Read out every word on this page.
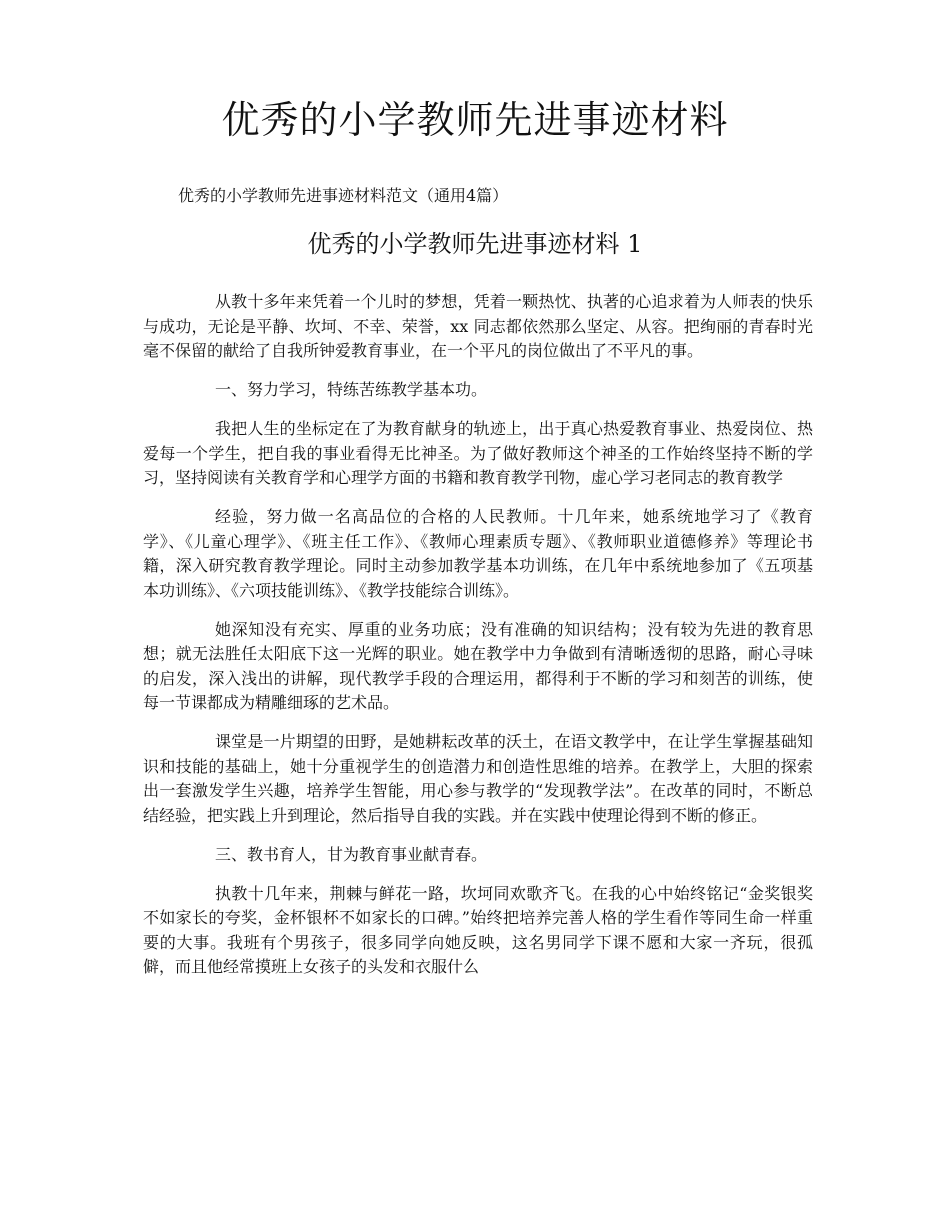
优秀的小学教师先进事迹材料

优秀的小学教师先进事迹材料范文（通用4篇）

优秀的小学教师先进事迹材料 1

从教十多年来凭着一个儿时的梦想，凭着一颗热忱、执著的心追求着为人师表的快乐与成功，无论是平静、坎坷、不幸、荣誉，xx 同志都依然那么坚定、从容。把绚丽的青春时光毫不保留的献给了自我所钟爱教育事业，在一个平凡的岗位做出了不平凡的事。

一、努力学习，特练苦练教学基本功。

我把人生的坐标定在了为教育献身的轨迹上，出于真心热爱教育事业、热爱岗位、热爱每一个学生，把自我的事业看得无比神圣。为了做好教师这个神圣的工作始终坚持不断的学习，坚持阅读有关教育学和心理学方面的书籍和教育教学刊物，虚心学习老同志的教育教学

经验，努力做一名高品位的合格的人民教师。十几年来，她系统地学习了《教育学》、《儿童心理学》、《班主任工作》、《教师心理素质专题》、《教师职业道德修养》等理论书籍，深入研究教育教学理论。同时主动参加教学基本功训练，在几年中系统地参加了《五项基本功训练》、《六项技能训练》、《教学技能综合训练》。

她深知没有充实、厚重的业务功底；没有准确的知识结构；没有较为先进的教育思想；就无法胜任太阳底下这一光辉的职业。她在教学中力争做到有清晰透彻的思路，耐心寻味的启发，深入浅出的讲解，现代教学手段的合理运用，都得利于不断的学习和刻苦的训练，使每一节课都成为精雕细琢的艺术品。

课堂是一片期望的田野，是她耕耘改革的沃土，在语文教学中，在让学生掌握基础知识和技能的基础上，她十分重视学生的创造潜力和创造性思维的培养。在教学上，大胆的探索出一套激发学生兴趣，培养学生智能，用心参与教学的“发现教学法”。在改革的同时，不断总结经验，把实践上升到理论，然后指导自我的实践。并在实践中使理论得到不断的修正。

三、教书育人，甘为教育事业献青春。

执教十几年来，荆棘与鲜花一路，坎坷同欢歌齐飞。在我的心中始终铭记“金奖银奖不如家长的夸奖，金杯银杯不如家长的口碑。”始终把培养完善人格的学生看作等同生命一样重要的大事。我班有个男孩子，很多同学向她反映，这名男同学下课不愿和大家一齐玩，很孤僻，而且他经常摸班上女孩子的头发和衣服什么
